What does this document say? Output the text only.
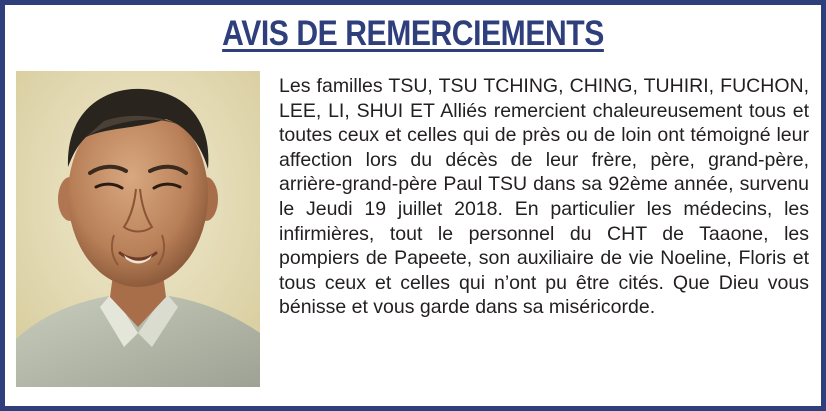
AVIS DE REMERCIEMENTS

Les familles TSU, TSU TCHING, CHING, TUHIRI, FUCHON, LEE, LI, SHUI ET Alliés remercient chaleureusement tous et toutes ceux et celles qui de près ou de loin ont témoigné leur affection lors du décès de leur frère, père, grand-père, arrière-grand-père Paul TSU dans sa 92ème année, survenu le Jeudi 19 juillet 2018. En particulier les médecins, les infirmières, tout le personnel du CHT de Taaone, les pompiers de Papeete, son auxiliaire de vie Noeline, Floris et tous ceux et celles qui n’ont pu être cités. Que Dieu vous bénisse et vous garde dans sa miséricorde.
